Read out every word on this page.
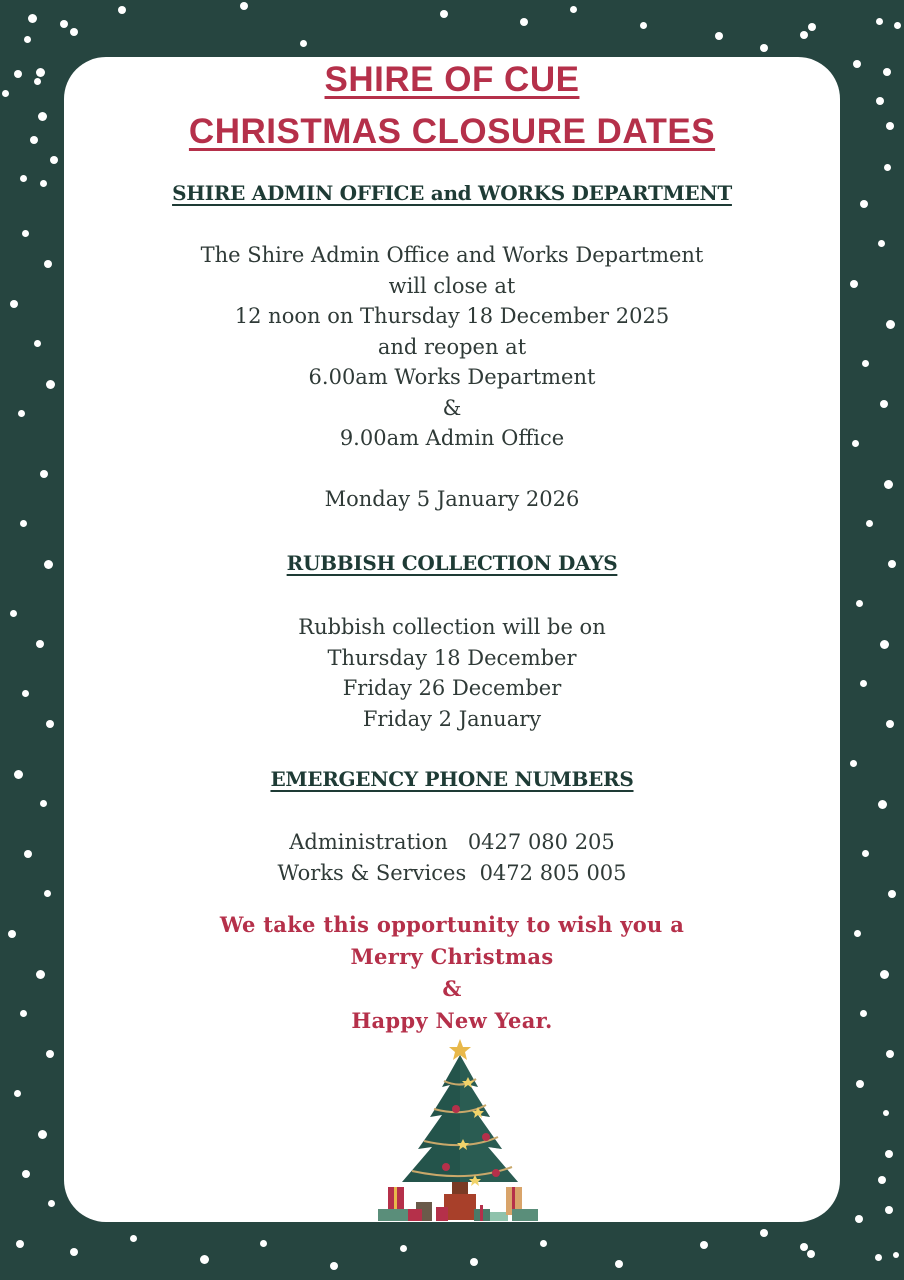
SHIRE OF CUE
CHRISTMAS CLOSURE DATES
SHIRE ADMIN OFFICE and WORKS DEPARTMENT
The Shire Admin Office and Works Department
will close at
12 noon on Thursday 18 December 2025
and reopen at
6.00am Works Department
&
9.00am Admin Office

Monday 5 January 2026
RUBBISH COLLECTION DAYS
Rubbish collection will be on
Thursday 18 December
Friday 26 December
Friday 2 January
EMERGENCY PHONE NUMBERS
Administration   0427 080 205
Works & Services  0472 805 005
We take this opportunity to wish you a
Merry Christmas
&
Happy New Year.
